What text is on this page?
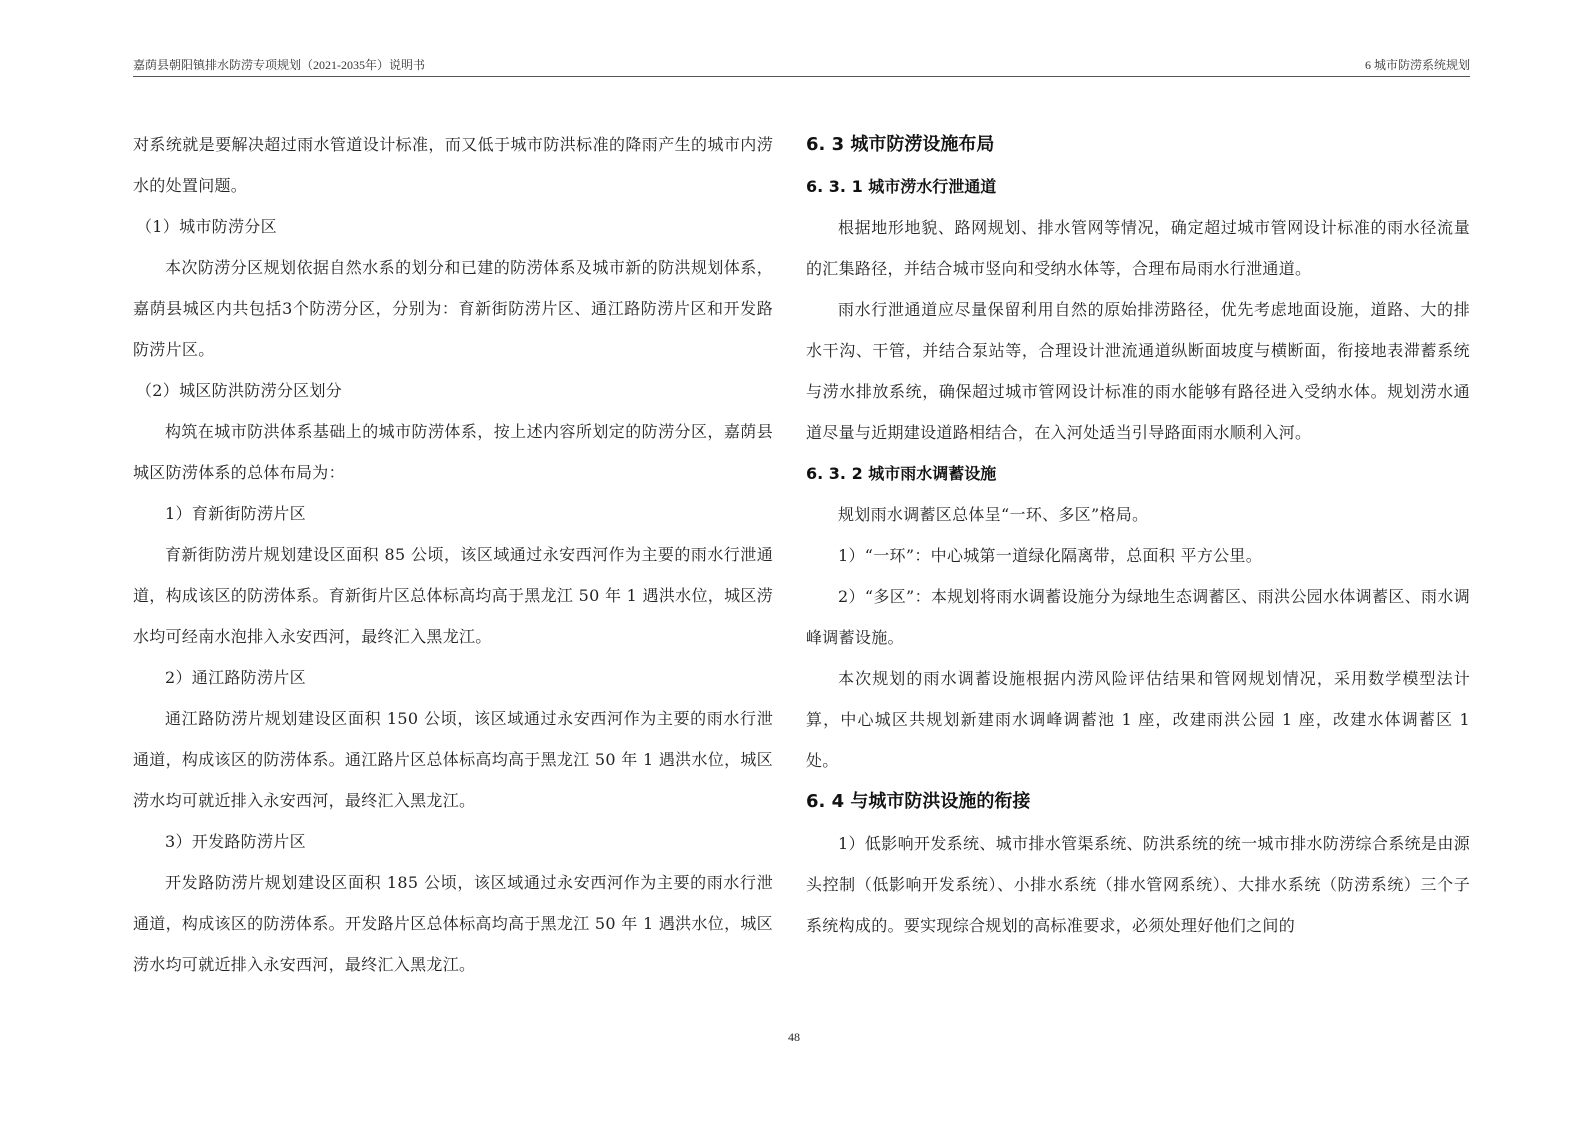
嘉荫县朝阳镇排水防涝专项规划（2021-2035年）说明书	6 城市防涝系统规划

对系统就是要解决超过雨水管道设计标准，而又低于城市防洪标准的降雨产生的城市内涝水的处置问题。

（1）城市防涝分区

本次防涝分区规划依据自然水系的划分和已建的防涝体系及城市新的防洪规划体系，嘉荫县城区内共包括3个防涝分区，分别为：育新街防涝片区、通江路防涝片区和开发路防涝片区。

（2）城区防洪防涝分区划分

构筑在城市防洪体系基础上的城市防涝体系，按上述内容所划定的防涝分区，嘉荫县城区防涝体系的总体布局为：

1）育新街防涝片区

育新街防涝片规划建设区面积 85 公顷，该区域通过永安西河作为主要的雨水行泄通道，构成该区的防涝体系。育新街片区总体标高均高于黑龙江 50 年 1 遇洪水位，城区涝水均可经南水泡排入永安西河，最终汇入黑龙江。

2）通江路防涝片区

通江路防涝片规划建设区面积 150 公顷，该区域通过永安西河作为主要的雨水行泄通道，构成该区的防涝体系。通江路片区总体标高均高于黑龙江 50 年 1 遇洪水位，城区涝水均可就近排入永安西河，最终汇入黑龙江。

3）开发路防涝片区

开发路防涝片规划建设区面积 185 公顷，该区域通过永安西河作为主要的雨水行泄通道，构成该区的防涝体系。开发路片区总体标高均高于黑龙江 50 年 1 遇洪水位，城区涝水均可就近排入永安西河，最终汇入黑龙江。

6. 3 城市防涝设施布局
6. 3. 1 城市涝水行泄通道

根据地形地貌、路网规划、排水管网等情况，确定超过城市管网设计标准的雨水径流量的汇集路径，并结合城市竖向和受纳水体等，合理布局雨水行泄通道。

雨水行泄通道应尽量保留利用自然的原始排涝路径，优先考虑地面设施，道路、大的排水干沟、干管，并结合泵站等，合理设计泄流通道纵断面坡度与横断面，衔接地表滞蓄系统与涝水排放系统，确保超过城市管网设计标准的雨水能够有路径进入受纳水体。规划涝水通道尽量与近期建设道路相结合，在入河处适当引导路面雨水顺利入河。

6. 3. 2 城市雨水调蓄设施

规划雨水调蓄区总体呈“一环、多区”格局。

1）“一环”：中心城第一道绿化隔离带，总面积 平方公里。

2）“多区”：本规划将雨水调蓄设施分为绿地生态调蓄区、雨洪公园水体调蓄区、雨水调峰调蓄设施。

本次规划的雨水调蓄设施根据内涝风险评估结果和管网规划情况，采用数学模型法计算，中心城区共规划新建雨水调峰调蓄池 1 座，改建雨洪公园 1 座，改建水体调蓄区 1 处。

6. 4 与城市防洪设施的衔接

1）低影响开发系统、城市排水管渠系统、防洪系统的统一城市排水防涝综合系统是由源头控制（低影响开发系统）、小排水系统（排水管网系统）、大排水系统（防涝系统）三个子系统构成的。要实现综合规划的高标准要求，必须处理好他们之间的

48
